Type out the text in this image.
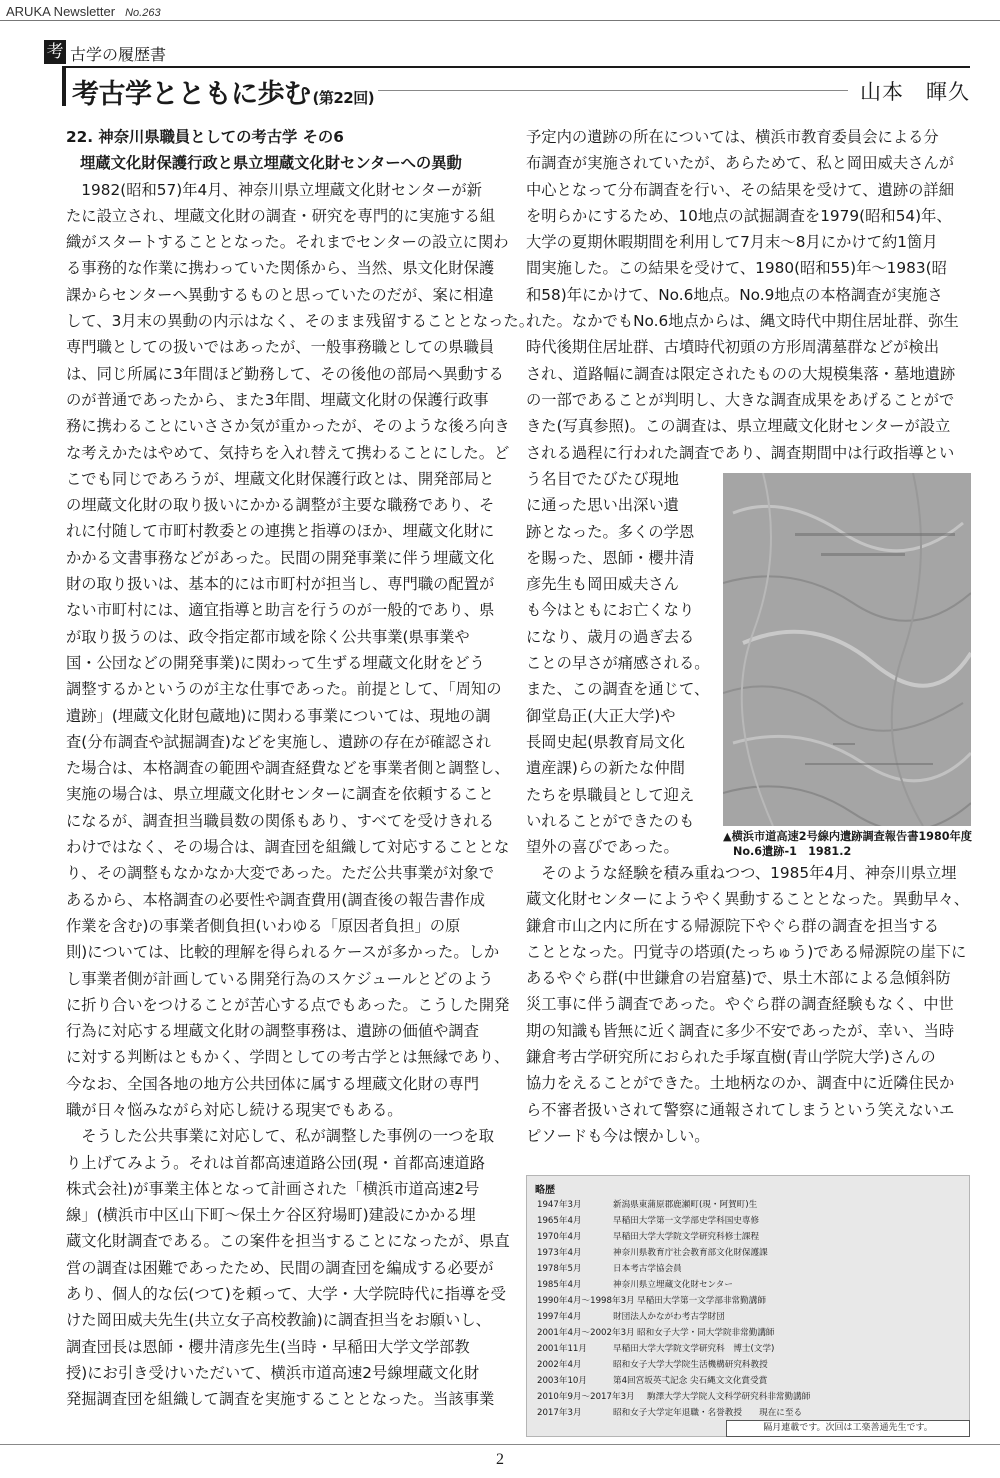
ARUKA Newsletter No.263
考 古学の履歴書
考古学とともに歩む (第22回)	山本　暉久
22. 神奈川県職員としての考古学 その6
埋蔵文化財保護行政と県立埋蔵文化財センターへの異動
　1982(昭和57)年4月、神奈川県立埋蔵文化財センターが新
たに設立され、埋蔵文化財の調査・研究を専門的に実施する組
織がスタートすることとなった。それまでセンターの設立に関わ
る事務的な作業に携わっていた関係から、当然、県文化財保護
課からセンターへ異動するものと思っていたのだが、案に相違
して、3月末の異動の内示はなく、そのまま残留することとなった。
専門職としての扱いではあったが、一般事務職としての県職員
は、同じ所属に3年間ほど勤務して、その後他の部局へ異動する
のが普通であったから、また3年間、埋蔵文化財の保護行政事
務に携わることにいささか気が重かったが、そのような後ろ向き
な考えかたはやめて、気持ちを入れ替えて携わることにした。ど
こでも同じであろうが、埋蔵文化財保護行政とは、開発部局と
の埋蔵文化財の取り扱いにかかる調整が主要な職務であり、そ
れに付随して市町村教委との連携と指導のほか、埋蔵文化財に
かかる文書事務などがあった。民間の開発事業に伴う埋蔵文化
財の取り扱いは、基本的には市町村が担当し、専門職の配置が
ない市町村には、適宜指導と助言を行うのが一般的であり、県
が取り扱うのは、政令指定都市域を除く公共事業(県事業や
国・公団などの開発事業)に関わって生ずる埋蔵文化財をどう
調整するかというのが主な仕事であった。前提として、「周知の
遺跡」(埋蔵文化財包蔵地)に関わる事業については、現地の調
査(分布調査や試掘調査)などを実施し、遺跡の存在が確認され
た場合は、本格調査の範囲や調査経費などを事業者側と調整し、
実施の場合は、県立埋蔵文化財センターに調査を依頼すること
になるが、調査担当職員数の関係もあり、すべてを受けきれる
わけではなく、その場合は、調査団を組織して対応することとな
り、その調整もなかなか大変であった。ただ公共事業が対象で
あるから、本格調査の必要性や調査費用(調査後の報告書作成
作業を含む)の事業者側負担(いわゆる「原因者負担」の原
則)については、比較的理解を得られるケースが多かった。しか
し事業者側が計画している開発行為のスケジュールとどのよう
に折り合いをつけることが苦心する点でもあった。こうした開発
行為に対応する埋蔵文化財の調整事務は、遺跡の価値や調査
に対する判断はともかく、学問としての考古学とは無縁であり、
今なお、全国各地の地方公共団体に属する埋蔵文化財の専門
職が日々悩みながら対応し続ける現実でもある。
　そうした公共事業に対応して、私が調整した事例の一つを取
り上げてみよう。それは首都高速道路公団(現・首都高速道路
株式会社)が事業主体となって計画された「横浜市道高速2号
線」(横浜市中区山下町～保土ケ谷区狩場町)建設にかかる埋
蔵文化財調査である。この案件を担当することになったが、県直
営の調査は困難であったため、民間の調査団を編成する必要が
あり、個人的な伝(つて)を頼って、大学・大学院時代に指導を受
けた岡田威夫先生(共立女子高校教諭)に調査担当をお願いし、
調査団長は恩師・櫻井清彦先生(当時・早稲田大学文学部教
授)にお引き受けいただいて、横浜市道高速2号線埋蔵文化財
発掘調査団を組織して調査を実施することとなった。当該事業
予定内の遺跡の所在については、横浜市教育委員会による分
布調査が実施されていたが、あらためて、私と岡田威夫さんが
中心となって分布調査を行い、その結果を受けて、遺跡の詳細
を明らかにするため、10地点の試掘調査を1979(昭和54)年、
大学の夏期休暇期間を利用して7月末～8月にかけて約1箇月
間実施した。この結果を受けて、1980(昭和55)年～1983(昭
和58)年にかけて、No.6地点。No.9地点の本格調査が実施さ
れた。なかでもNo.6地点からは、縄文時代中期住居址群、弥生
時代後期住居址群、古墳時代初頭の方形周溝墓群などが検出
され、道路幅に調査は限定されたものの大規模集落・墓地遺跡
の一部であることが判明し、大きな調査成果をあげることがで
きた(写真参照)。この調査は、県立埋蔵文化財センターが設立
される過程に行われた調査であり、調査期間中は行政指導とい
う名目でたびたび現地
に通った思い出深い遺
跡となった。多くの学恩
を賜った、恩師・櫻井清
彦先生も岡田威夫さん
も今はともにお亡くなり
になり、歳月の過ぎ去る
ことの早さが痛感される。
また、この調査を通じて、
御堂島正(大正大学)や
長岡史起(県教育局文化
遺産課)らの新たな仲間
たちを県職員として迎え
いれることができたのも
望外の喜びであった。
▲横浜市道高速2号線内遺跡調査報告書1980年度
No.6遺跡-1　1981.2
　そのような経験を積み重ねつつ、1985年4月、神奈川県立埋
蔵文化財センターにようやく異動することとなった。異動早々、
鎌倉市山之内に所在する帰源院下やぐら群の調査を担当する
こととなった。円覚寺の塔頭(たっちゅう)である帰源院の崖下に
あるやぐら群(中世鎌倉の岩窟墓)で、県土木部による急傾斜防
災工事に伴う調査であった。やぐら群の調査経験もなく、中世
期の知識も皆無に近く調査に多少不安であったが、幸い、当時
鎌倉考古学研究所におられた手塚直樹(青山学院大学)さんの
協力をえることができた。土地柄なのか、調査中に近隣住民か
ら不審者扱いされて警察に通報されてしまうという笑えないエ
ピソードも今は懐かしい。
略歴
1947年3月	新潟県東蒲原郡鹿瀬町(現・阿賀町)生
1965年4月	早稲田大学第一文学部史学科国史専修
1970年4月	早稲田大学大学院文学研究科修士課程
1973年4月	神奈川県教育庁社会教育部文化財保護課
1978年5月	日本考古学協会員
1985年4月	神奈川県立埋蔵文化財センター
1990年4月～1998年3月 早稲田大学第一文学部非常勤講師
1997年4月	財団法人かながわ考古学財団
2001年4月～2002年3月 昭和女子大学・同大学院非常勤講師
2001年11月	早稲田大学大学院文学研究科　博士(文学)
2002年4月	昭和女子大学大学院生活機構研究科教授
2003年10月	第4回宮坂英弌記念 尖石縄文文化賞受賞
2010年9月～2017年3月 駒澤大学大学院人文科学研究科非常勤講師
2017年3月	昭和女子大学定年退職・名誉教授　　現在に至る
隔月連載です。次回は工楽善通先生です。
2
